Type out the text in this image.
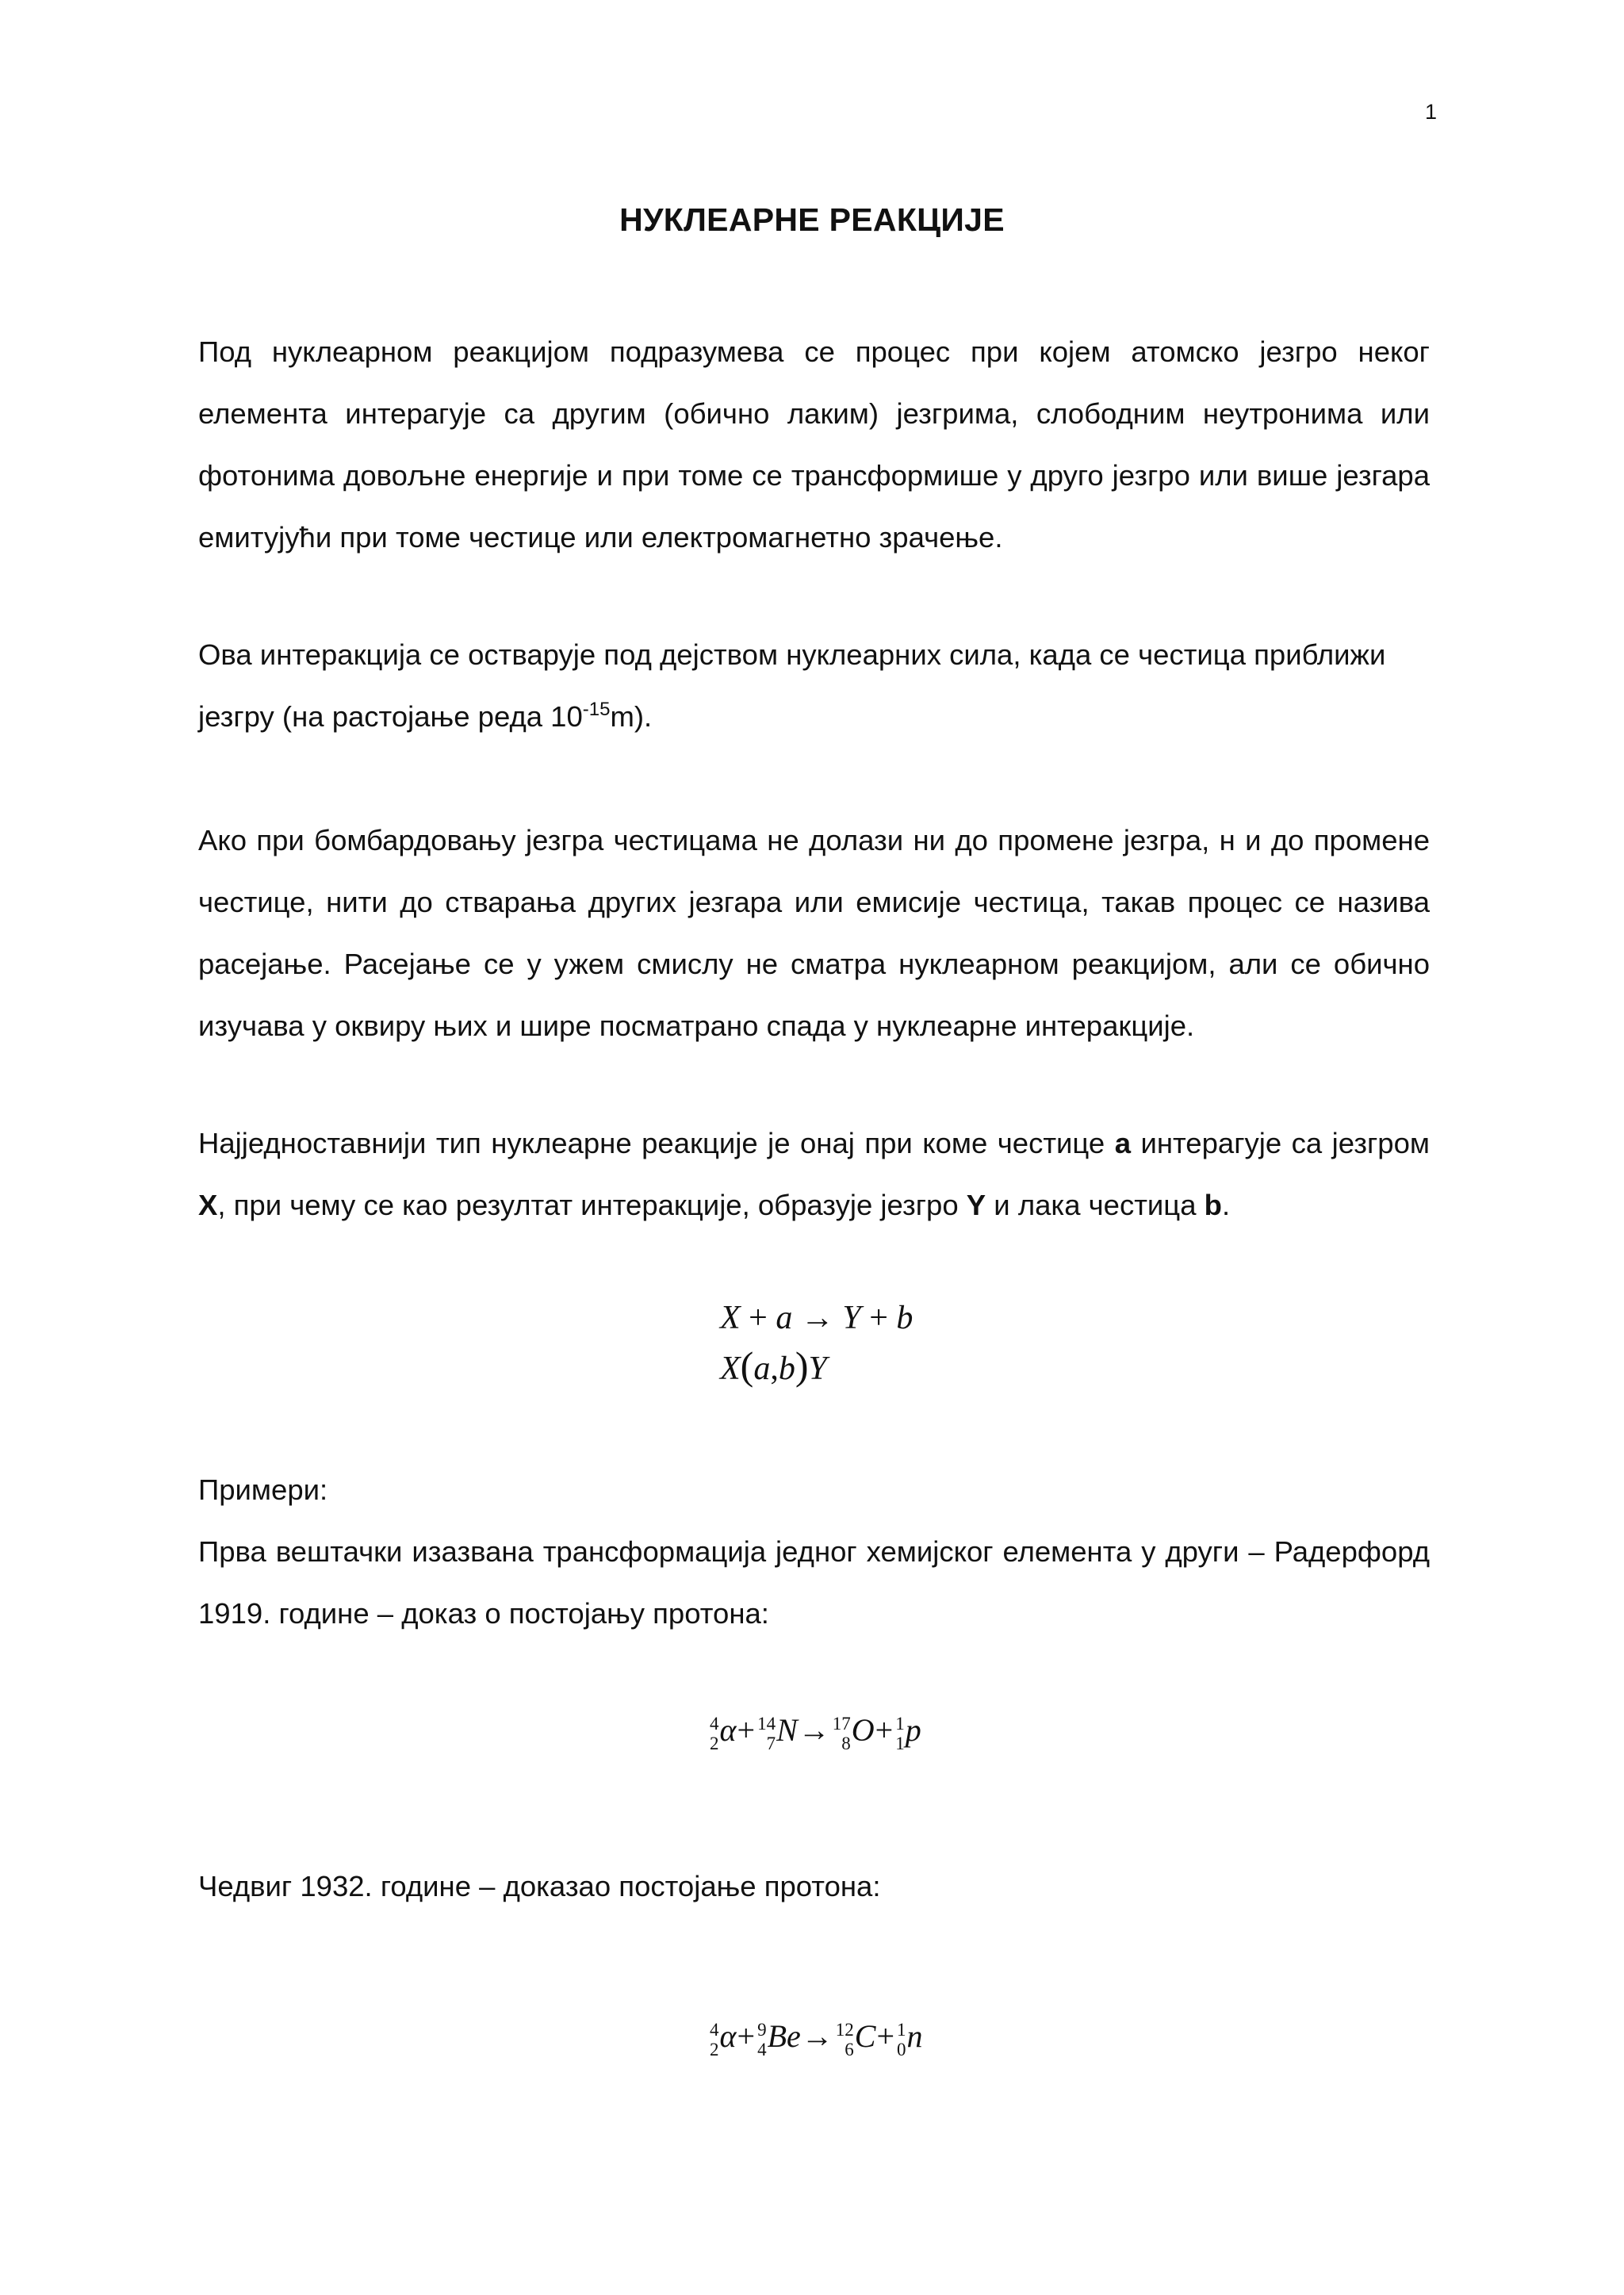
1
НУКЛЕАРНЕ РЕАКЦИЈЕ

Под нуклеарном реакцијом подразумева се процес при којем атомско језгро неког елемента интерагује са другим (обично лаким) језгрима, слободним неутронима или фотонима довољне енергије и при томе се трансформише у друго језгро или више језгара емитујући при томе честице или електромагнетно зрачење.

Ова интеракција се остварује под дејством нуклеарних сила, када се честица приближи језгру (на растојање реда $10^{-15}m$).

Ако при бомбардовању језгра честицама не долази ни до промене језгра, н и до промене честице, нити до стварања других језгара или емисије честица, такав процес се назива расејање. Расејање се у ужем смислу не сматра нуклеарном реакцијом, али се обично изучава у оквиру њих и шире посматрано спада у нуклеарне интеракције.

Најједноставнији тип нуклеарне реакције је онај при коме честице a интерагује са језгром X, при чему се као резултат интеракције, образује језгро Y и лака честица b.

X + a → Y + b
X(a,b)Y
Примери:

Прва вештачки изазвана трансформација једног хемијског елемента у други – Радерфорд 1919. године – доказ о постојању протона:

4
2 α+ 14
7 N→ 17
8 O+ 1
1 p
Чедвиг 1932. године – доказао постојање протона:
4
2 α+ 9
4 Be→ 12
6 C+ 1
0 n
